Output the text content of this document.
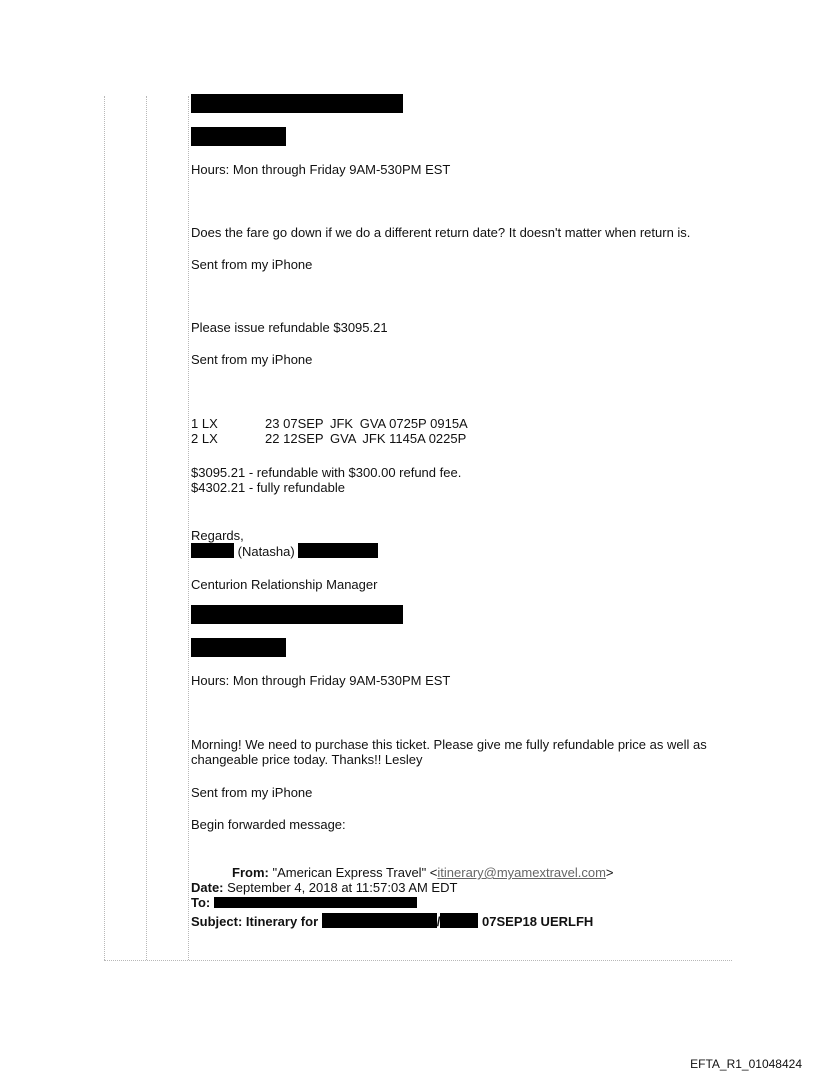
Hours: Mon through Friday 9AM-530PM EST
Does the fare go down if we do a different return date? It doesn't matter when return is.
Sent from my iPhone
Please issue refundable $3095.21
Sent from my iPhone
1 LX	23 07SEP JFK GVA 0725P 0915A
2 LX	22 12SEP GVA JFK 1145A 0225P
$3095.21 - refundable with $300.00 refund fee.
$4302.21 - fully refundable
Regards,
(Natasha)
Centurion Relationship Manager
Hours: Mon through Friday 9AM-530PM EST
Morning! We need to purchase this ticket. Please give me fully refundable price as well as
changeable price today. Thanks!! Lesley
Sent from my iPhone
Begin forwarded message:
From: "American Express Travel" <itinerary@myamextravel.com>
Date: September 4, 2018 at 11:57:03 AM EDT
To:
Subject: Itinerary for	/	07SEP18 UERLFH
EFTA_R1_01048424
